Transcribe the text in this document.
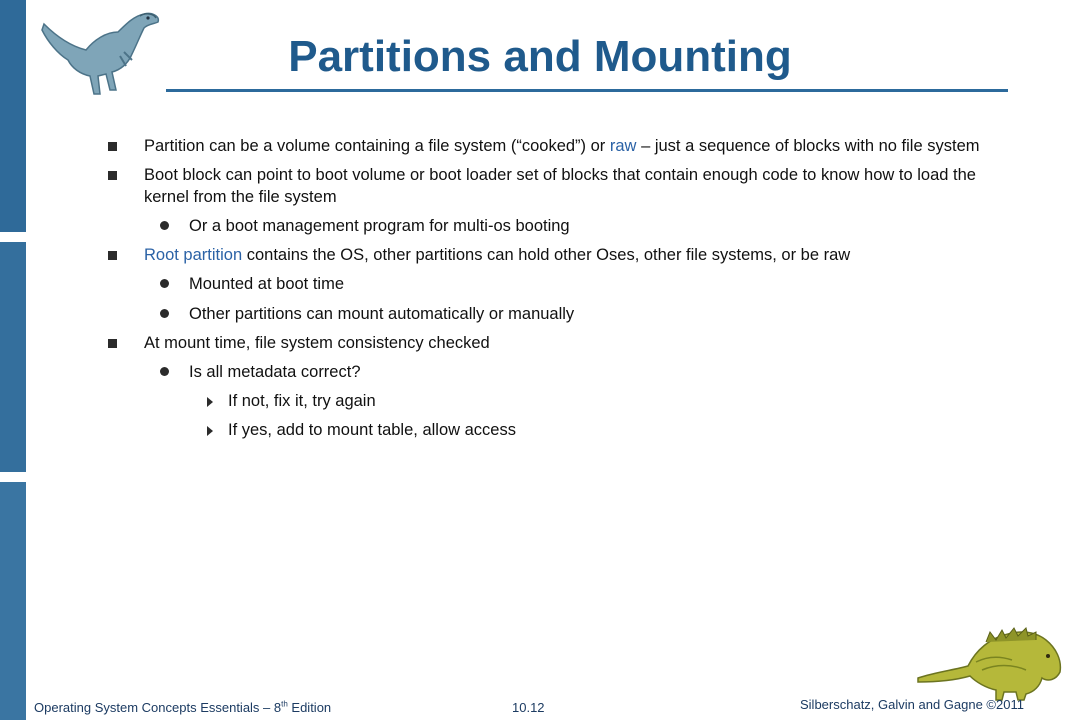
Partitions and Mounting
Partition can be a volume containing a file system (“cooked”) or raw – just a sequence of blocks with no file system
Boot block can point to boot volume or boot loader set of blocks that contain enough code to know how to load the
kernel from the file system
Or a boot management program for multi-os booting
Root partition contains the OS, other partitions can hold other Oses, other file systems, or be raw
Mounted at boot time
Other partitions can mount automatically or manually
At mount time, file system consistency checked
Is all metadata correct?
If not, fix it, try again
If yes, add to mount table, allow access
Operating System Concepts Essentials – 8th Edition	10.12	Silberschatz, Galvin and Gagne ©2011
